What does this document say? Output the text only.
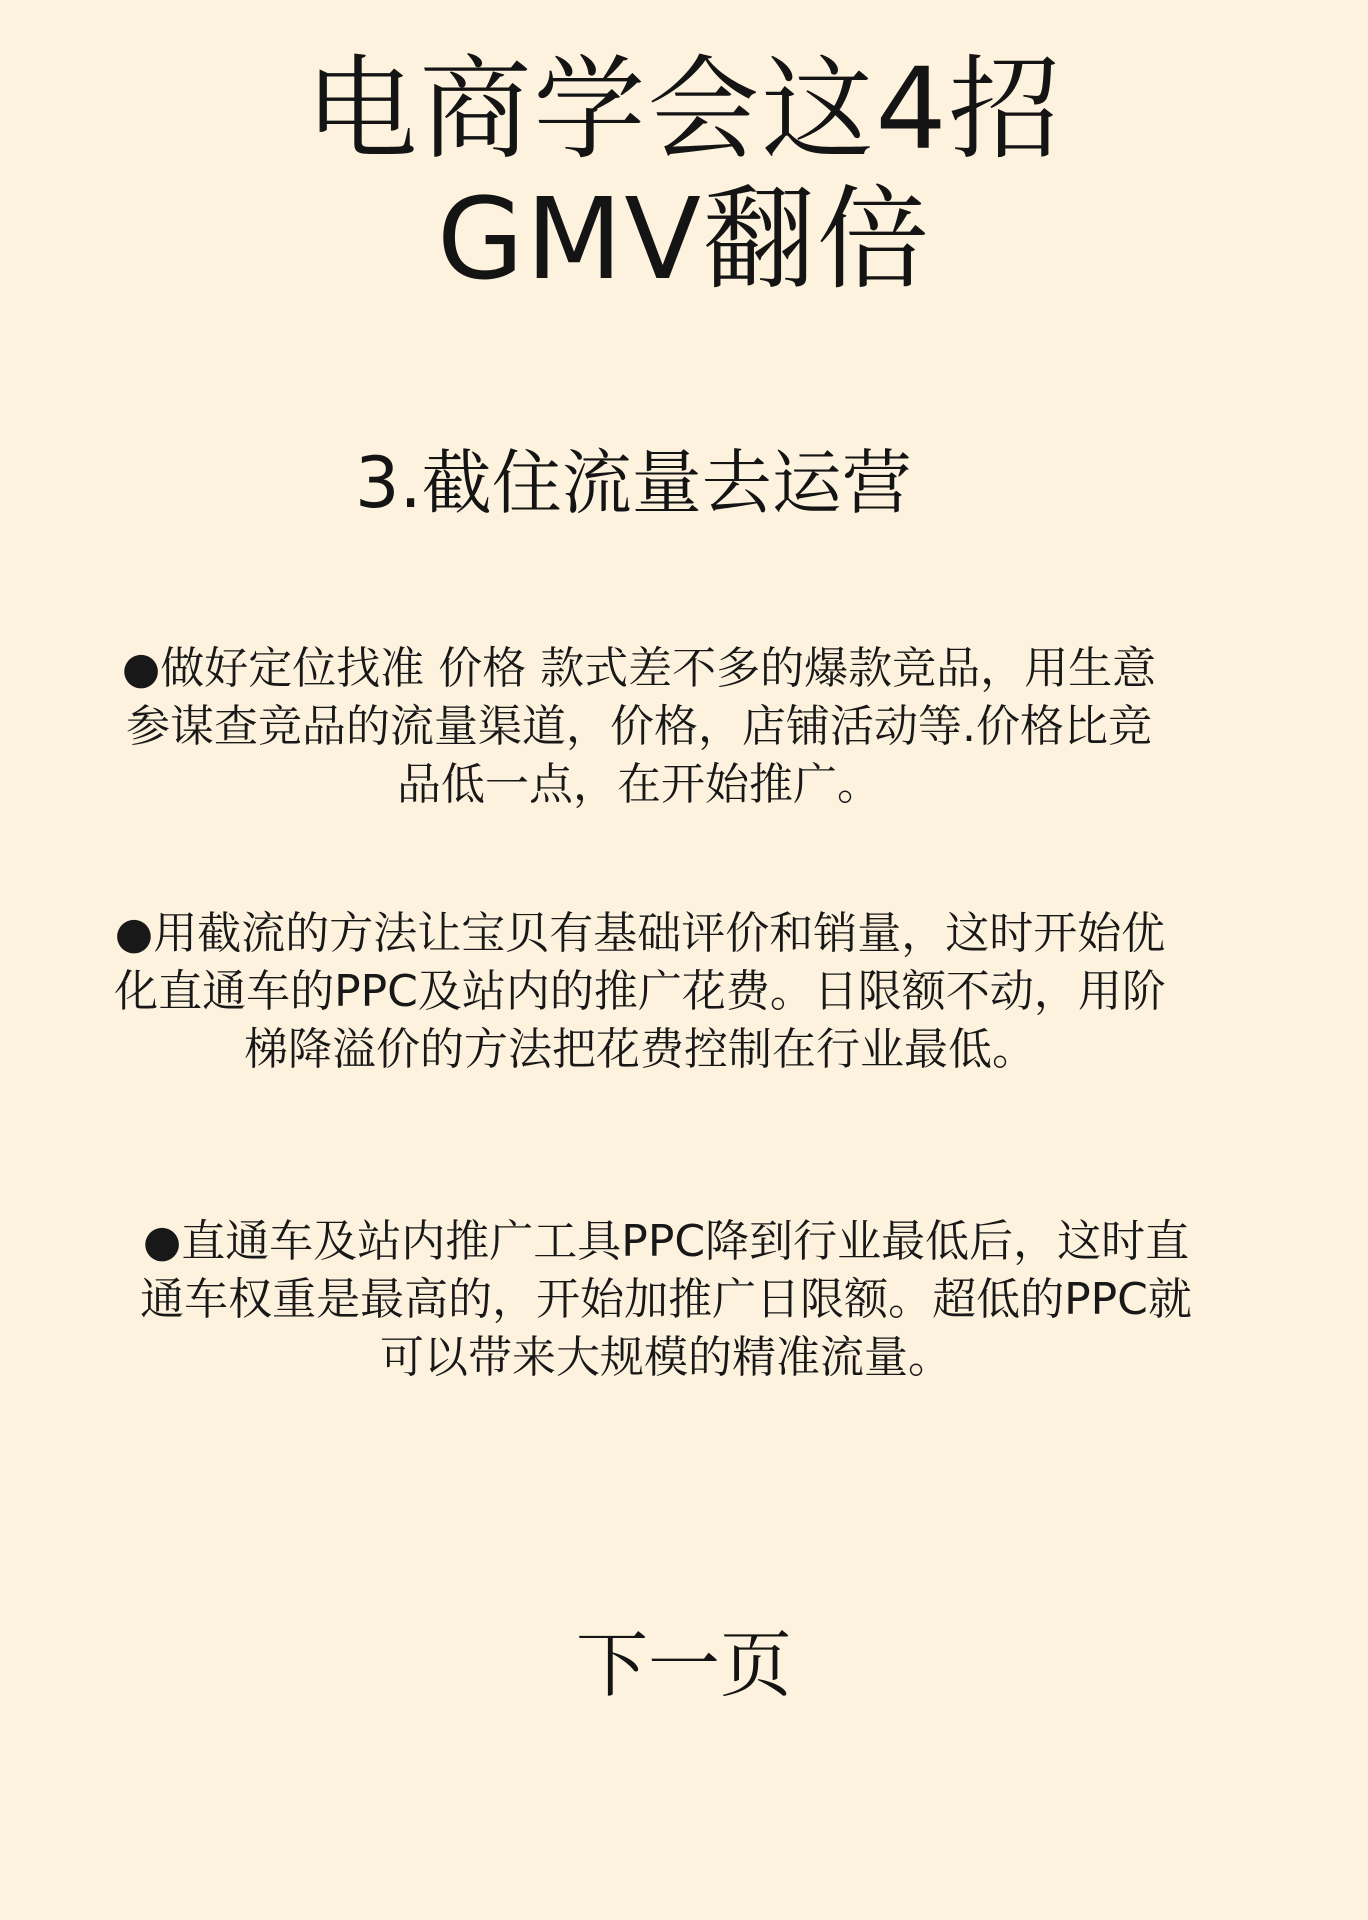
电商学会这4招
GMV翻倍
3.截住流量去运营
●做好定位找准 价格 款式差不多的爆款竞品，用生意
参谋查竞品的流量渠道，价格，店铺活动等.价格比竞
品低一点，在开始推广。
●用截流的方法让宝贝有基础评价和销量，这时开始优
化直通车的PPC及站内的推广花费。日限额不动，用阶
梯降溢价的方法把花费控制在行业最低。
●直通车及站内推广工具PPC降到行业最低后，这时直
通车权重是最高的，开始加推广日限额。超低的PPC就
可以带来大规模的精准流量。
下一页
